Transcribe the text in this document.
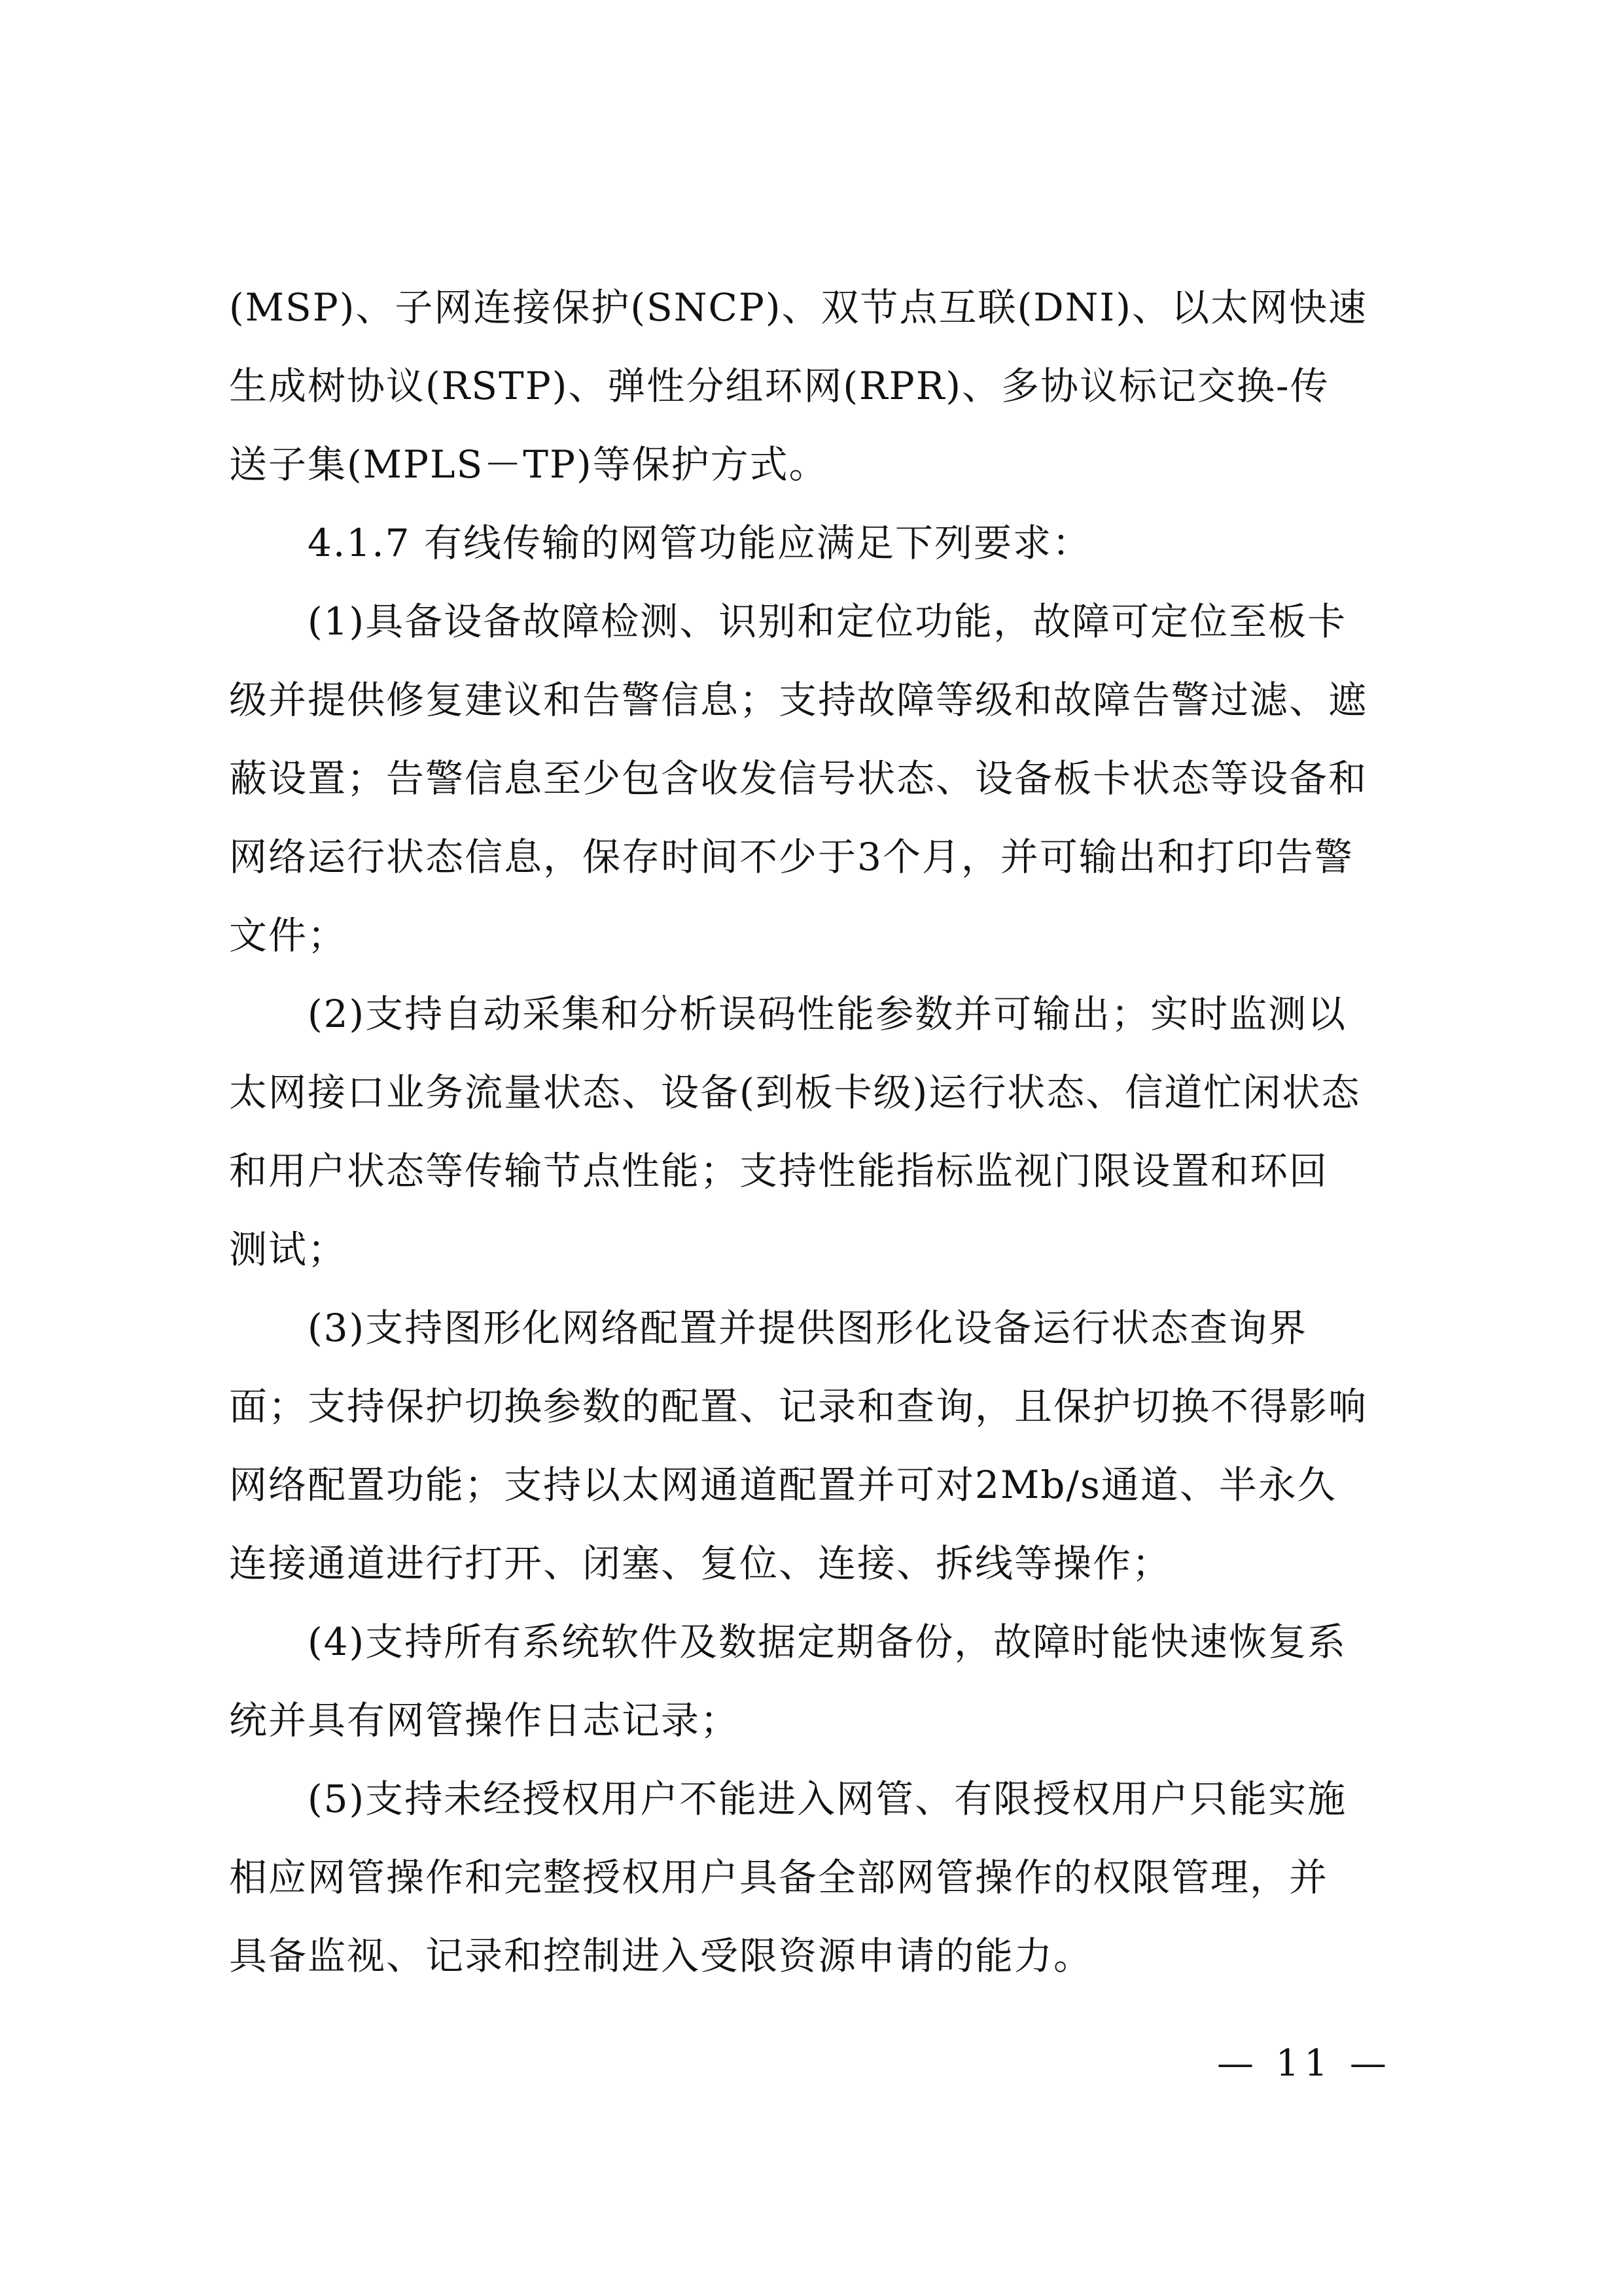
(MSP)、子网连接保护(SNCP)、双节点互联(DNI)、以太网快速
生成树协议(RSTP)、弹性分组环网(RPR)、多协议标记交换-传
送子集(MPLS－TP)等保护方式。
4.1.7 有线传输的网管功能应满足下列要求：
(1)具备设备故障检测、识别和定位功能，故障可定位至板卡
级并提供修复建议和告警信息；支持故障等级和故障告警过滤、遮
蔽设置；告警信息至少包含收发信号状态、设备板卡状态等设备和
网络运行状态信息，保存时间不少于3个月，并可输出和打印告警
文件；
(2)支持自动采集和分析误码性能参数并可输出；实时监测以
太网接口业务流量状态、设备(到板卡级)运行状态、信道忙闲状态
和用户状态等传输节点性能；支持性能指标监视门限设置和环回
测试；
(3)支持图形化网络配置并提供图形化设备运行状态查询界
面；支持保护切换参数的配置、记录和查询，且保护切换不得影响
网络配置功能；支持以太网通道配置并可对2Mb/s通道、半永久
连接通道进行打开、闭塞、复位、连接、拆线等操作；
(4)支持所有系统软件及数据定期备份，故障时能快速恢复系
统并具有网管操作日志记录；
(5)支持未经授权用户不能进入网管、有限授权用户只能实施
相应网管操作和完整授权用户具备全部网管操作的权限管理，并
具备监视、记录和控制进入受限资源申请的能力。
— 11 —
